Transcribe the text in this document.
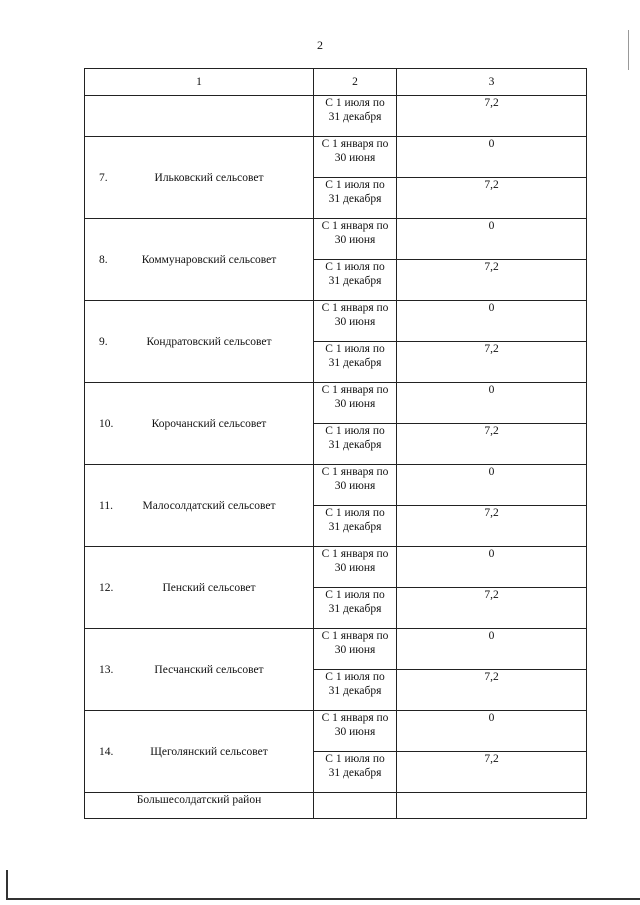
2
1	2	3

	С 1 июля по
31 декабря	7,2

7. Ильковский сельсовет	С 1 января по
30 июня	0

	С 1 июля по
31 декабря	7,2

8. Коммунаровский сельсовет	С 1 января по
30 июня	0

	С 1 июля по
31 декабря	7,2

9. Кондратовский сельсовет	С 1 января по
30 июня	0

	С 1 июля по
31 декабря	7,2

10. Корочанский сельсовет	С 1 января по
30 июня	0

	С 1 июля по
31 декабря	7,2

11. Малосолдатский сельсовет	С 1 января по
30 июня	0

	С 1 июля по
31 декабря	7,2

12. Пенский сельсовет	С 1 января по
30 июня	0

	С 1 июля по
31 декабря	7,2

13. Песчанский сельсовет	С 1 января по
30 июня	0

	С 1 июля по
31 декабря	7,2

14. Щеголянский сельсовет	С 1 января по
30 июня	0

	С 1 июля по
31 декабря	7,2
Большесолдатский район		
